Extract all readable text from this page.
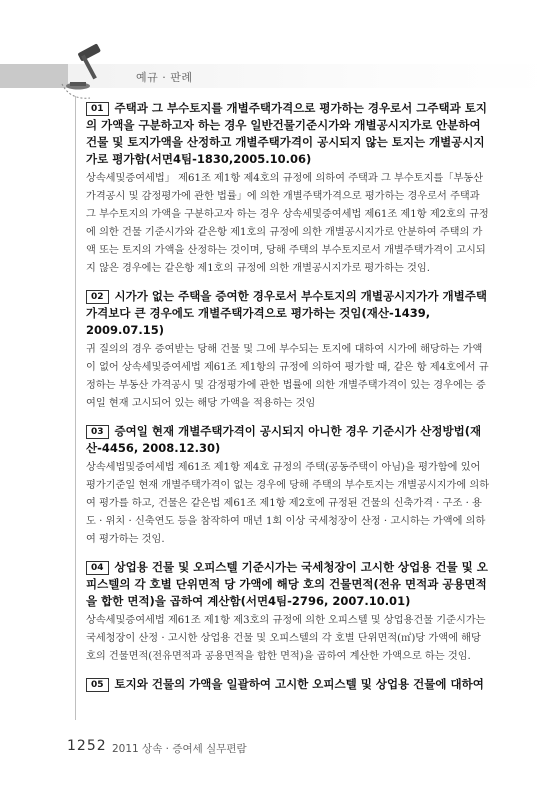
예규 · 판례
01 주택과 그 부수토지를 개별주택가격으로 평가하는 경우로서 그주택과 토지의 가액을 구분하고자 하는 경우 일반건물기준시가와 개별공시지가로 안분하여 건물 및 토지가액을 산정하고 개별주택가격이 공시되지 않는 토지는 개별공시지가로 평가함(서면4팀-1830,2005.10.06)
상속세및증여세법」 제61조 제1항 제4호의 규정에 의하여 주택과 그 부수토지를「부동산 가격공시 및 감정평가에 관한 법률」에 의한 개별주택가격으로 평가하는 경우로서 주택과 그 부수토지의 가액을 구분하고자 하는 경우 상속세및증여세법 제61조 제1항 제2호의 규정에 의한 건물 기준시가와 같은항 제1호의 규정에 의한 개별공시지가로 안분하여 주택의 가액 또는 토지의 가액을 산정하는 것이며, 당해 주택의 부수토지로서 개별주택가격이 고시되지 않은 경우에는 같은항 제1호의 규정에 의한 개별공시지가로 평가하는 것임.
02 시가가 없는 주택을 증여한 경우로서 부수토지의 개별공시지가가 개별주택가격보다 큰 경우에도 개별주택가격으로 평가하는 것임(재산-1439, 2009.07.15)
귀 질의의 경우 증여받는 당해 건물 및 그에 부수되는 토지에 대하여 시가에 해당하는 가액이 없어 상속세및증여세법 제61조 제1항의 규정에 의하여 평가할 때, 같은 항 제4호에서 규정하는 부동산 가격공시 및 감정평가에 관한 법률에 의한 개별주택가격이 있는 경우에는 증여일 현재 고시되어 있는 해당 가액을 적용하는 것임
03 증여일 현재 개별주택가격이 공시되지 아니한 경우 기준시가 산정방법(재산-4456, 2008.12.30)
상속세법및증여세법 제61조 제1항 제4호 규정의 주택(공동주택이 아님)을 평가함에 있어 평가기준일 현재 개별주택가격이 없는 경우에 당해 주택의 부수토지는 개별공시지가에 의하여 평가를 하고, 건물은 같은법 제61조 제1항 제2호에 규정된 건물의 신축가격 · 구조 · 용도 · 위치 · 신축연도 등을 참작하여 매년 1회 이상 국세청장이 산정 · 고시하는 가액에 의하여 평가하는 것임.
04 상업용 건물 및 오피스텔 기준시가는 국세청장이 고시한 상업용 건물 및 오피스텔의 각 호별 단위면적 당 가액에 해당 호의 건물면적(전유 면적과 공용면적을 합한 면적)을 곱하여 계산함(서면4팀-2796, 2007.10.01)
상속세및증여세법 제61조 제1항 제3호의 규정에 의한 오피스텔 및 상업용건물 기준시가는 국세청장이 산정 · 고시한 상업용 건물 및 오피스텔의 각 호별 단위면적(㎡)당 가액에 해당 호의 건물면적(전유면적과 공용면적을 합한 면적)을 곱하여 계산한 가액으로 하는 것임.
05 토지와 건물의 가액을 일괄하여 고시한 오피스텔 및 상업용 건물에 대하여
1252 2011 상속 · 증여세 실무편람
